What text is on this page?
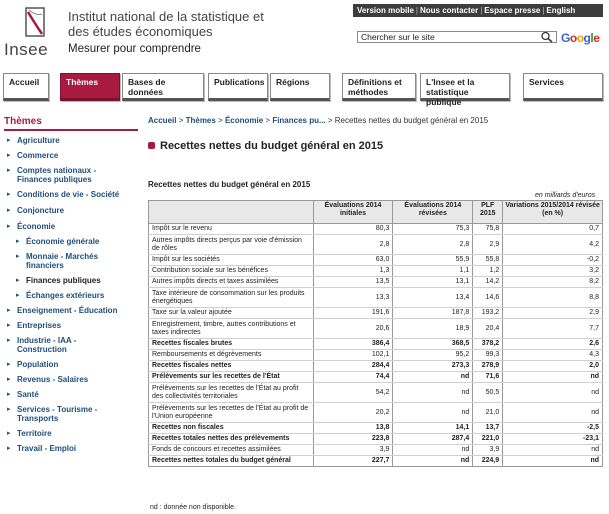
Insee
Institut national de la statistique et des études économiques
Mesurer pour comprendre
Version mobile | Nous contacter | Espace presse | English
Chercher sur le site	Google
Accueil	Thèmes	Bases de données
Publications	Régions	Définitions et méthodes
L'Insee et la statistique publique
Services
Thèmes
▸ Agriculture
▸ Commerce
▸ Comptes nationaux - Finances publiques
▸ Conditions de vie - Société
▸ Conjoncture
▸ Économie
▸ Économie générale
▸ Monnaie - Marchés financiers
▸ Finances publiques
▸ Échanges extérieurs
▸ Enseignement - Éducation
▸ Entreprises
▸ Industrie - IAA - Construction
▸ Population
▸ Revenus - Salaires
▸ Santé
▸ Services - Tourisme - Transports
▸ Territoire
▸ Travail - Emploi
Accueil > Thèmes > Économie > Finances pu... > Recettes nettes du budget général en 2015
Recettes nettes du budget général en 2015
Recettes nettes du budget général en 2015
en milliards d'euros
	Évaluations 2014 initiales	Évaluations 2014 révisées	PLF 2015	Variations 2015/2014 révisée (en %)
Impôt sur le revenu	80,3	75,3	75,8	0,7
Autres impôts directs perçus par voie d'émission de rôles	2,8	2,8	2,9	4,2
Impôt sur les sociétés	63,0	55,9	55,8	-0,2
Contribution sociale sur les bénéfices	1,3	1,1	1,2	3,2
Autres impôts directs et taxes assimilées	13,5	13,1	14,2	8,2
Taxe intérieure de consommation sur les produits énergétiques	13,3	13,4	14,6	8,8
Taxe sur la valeur ajoutée	191,6	187,8	193,2	2,9
Enregistrement, timbre, autres contributions et taxes indirectes	20,6	18,9	20,4	7,7
Recettes fiscales brutes	386,4	368,5	378,2	2,6
Remboursements et dégrèvements	102,1	95,2	99,3	4,3
Recettes fiscales nettes	284,4	273,3	278,9	2,0
Prélèvements sur les recettes de l'État	74,4	nd	71,6	nd
Prélèvements sur les recettes de l'État au profit des collectivités territoriales	54,2	nd	50,5	nd
Prélèvements sur les recettes de l'État au profit de l'Union européenne	20,2	nd	21,0	nd
Recettes non fiscales	13,8	14,1	13,7	-2,5
Recettes totales nettes des prélèvements	223,8	287,4	221,0	-23,1
Fonds de concours et recettes assimilées	3,9	nd	3,9	nd
Recettes nettes totales du budget général	227,7	nd	224,9	nd
nd : donnée non disponible.
